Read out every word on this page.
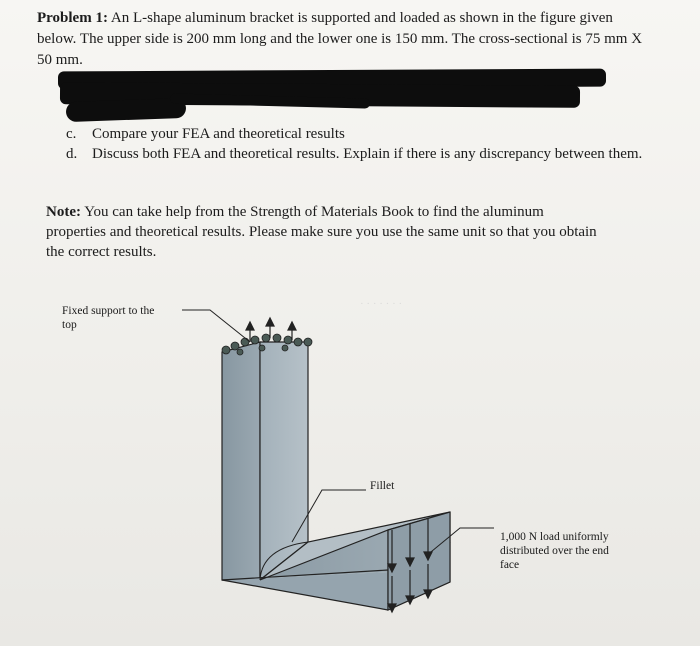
Problem 1: An L-shape aluminum bracket is supported and loaded as shown in the figure given below. The upper side is 200 mm long and the lower one is 150 mm. The cross-sectional is 75 mm X 50 mm.
c. Compare your FEA and theoretical results
d. Discuss both FEA and theoretical results. Explain if there is any discrepancy between them.
Note: You can take help from the Strength of Materials Book to find the aluminum properties and theoretical results. Please make sure you use the same unit so that you obtain the correct results.
· · · · · · ·
Fixed support to the top
Fillet
1,000 N load uniformly distributed over the end face
